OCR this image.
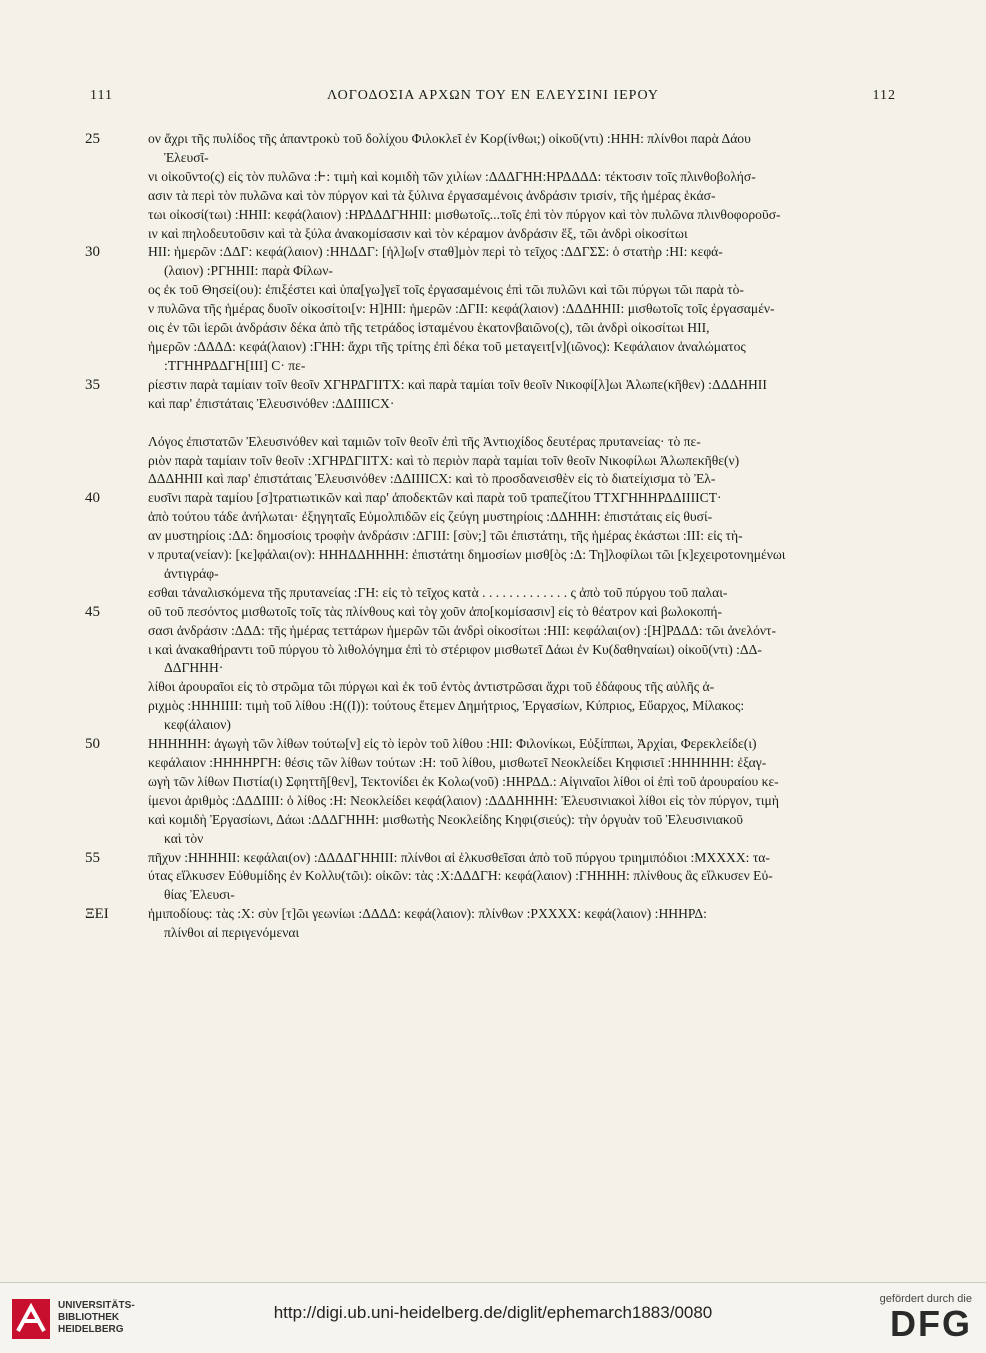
111	ΛΟΓΟΔΟΣΙΑ ΑΡΧΩΝ ΤΟΥ ΕΝ ΕΛΕΥΣΙΝΙ ΙΕΡΟΥ	112
25	ον ἄχρι τῆς πυλίδος τῆς ἀπαντροκὺ τοῦ δολίχου Φιλοκλεῖ ἐν Κορ(ίνθωι;) οἰκοῦ(ντι) :ΗΗΗ: πλίνθοι παρὰ Δάου
Ἐλευσῖ-
νι οἰκοῦντο(ς) εἰς τὸν πυλῶνα :Ͱ: τιμὴ καὶ κομιδὴ τῶν χιλίων :ΔΔΔΓΗΗ:ΗΡΔΔΔΔ: τέκτοσιν τοῖς πλινθοβολήσ-
ασιν τὰ περὶ τὸν πυλῶνα καὶ τὸν πύργον καὶ τὰ ξύλινα ἐργασαμένοις ἀνδράσιν τρισίν, τῆς ἡμέρας ἑκάσ-
τωι οἰκοσί(τωι) :ΗΗΙΙ: κεφά(λαιον) :ΗΡΔΔΔΓΗΗΙΙ: μισθωτοῖς...τοῖς ἐπὶ τὸν πύργον καὶ τὸν πυλῶνα πλινθοφοροῦσ-
ιν καὶ πηλοδευτοῦσιν καὶ τὰ ξύλα ἀνακομίσασιν καὶ τὸν κέραμον ἀνδράσιν ἕξ, τῶι ἀνδρὶ οἰκοσίτωι
30	ΗΙΙ: ἡμερῶν :ΔΔΓ: κεφά(λαιον) :ΗΗΔΔΓ: [ἡλ]ω[ν σταθ]μὸν περὶ τὸ τεῖχος :ΔΔΓΣΣ: ὁ στατὴρ :ΗΙ: κεφά-
(λαιον) :ΡΓΗΗΙΙ: παρὰ Φίλων-
ος ἐκ τοῦ Θησεί(ου): ἐπιξέστει καὶ ὑπα[γω]γεῖ τοῖς ἐργασαμένοις ἐπὶ τῶι πυλῶνι καὶ τῶι πύργωι τῶι παρὰ τὸ-
ν πυλῶνα τῆς ἡμέρας δυοῖν οἰκοσίτοι[ν: Η]ΗΙΙ: ἡμερῶν :ΔΓΙΙ: κεφά(λαιον) :ΔΔΔΗΗΙΙ: μισθωτοῖς τοῖς ἐργασαμέν-
οις ἐν τῶι ἱερῶι ἀνδράσιν δέκα ἀπὸ τῆς τετράδος ἱσταμένου ἑκατονβαιῶνο(ς), τῶι ἀνδρὶ οἰκοσίτωι ΗΙΙ,
ἡμερῶν :ΔΔΔΔ: κεφά(λαιον) :ΓΗΗ: ἄχρι τῆς τρίτης ἐπὶ δέκα τοῦ μεταγειτ[ν](ιῶνος): Κεφάλαιον ἀναλώματος
:ΤΓΗΗΡΔΔΓΗ[ΙΙΙ] C· πε-
35	ρίεστιν παρὰ ταμίαιν τοῖν θεοῖν ΧΓΗΡΔΓΙΙΤΧ: καὶ παρὰ ταμίαι τοῖν θεοῖν Νικοφί[λ]ωι Ἀλωπε(κῆθεν) :ΔΔΔΗΗΙΙ
καὶ παρ' ἐπιστάταις Ἐλευσινόθεν :ΔΔΙΙΙΙCΧ·
Λόγος ἐπιστατῶν Ἐλευσινόθεν καὶ ταμιῶν τοῖν θεοῖν ἐπὶ τῆς Ἀντιοχίδος δευτέρας πρυτανείας· τὸ πε-
ριὸν παρὰ ταμίαιν τοῖν θεοῖν :ΧΓΗΡΔΓΙΙΤΧ: καὶ τὸ περιὸν παρὰ ταμίαι τοῖν θεοῖν Νικοφίλωι Ἀλωπεκῆθε(ν)
ΔΔΔΗΗΙΙ καὶ παρ' ἐπιστάταις Ἐλευσινόθεν :ΔΔΙΙΙΙCΧ: καὶ τὸ προσδανεισθὲν εἰς τὸ διατείχισμα τὸ Ἐλ-
40	ευσῖνι παρὰ ταμίου [σ]τρατιωτικῶν καὶ παρ' ἀποδεκτῶν καὶ παρὰ τοῦ τραπεζίτου ΤΤΧΓΗΗΗΡΔΔΙΙΙΙCΤ·
ἀπὸ τούτου τάδε ἀνήλωται· ἐξηγηταῖς Εὐμολπιδῶν εἰς ζεύγη μυστηρίοις :ΔΔΗΗΗ: ἐπιστάταις εἰς θυσί-
αν μυστηρίοις :ΔΔ: δημοσίοις τροφὴν ἀνδράσιν :ΔΓΙΙΙ: [σὺν;] τῶι ἐπιστάτηι, τῆς ἡμέρας ἑκάστωι :ΙΙΙ: εἰς τὴ-
ν πρυτα(νείαν): [κε]φάλαι(ον): ΗΗΗΔΔΗΗΗΗ: ἐπιστάτηι δημοσίων μισθ[ὸς :Δ: Τη]λοφίλωι τῶι [κ]εχειροτονημένωι
ἀντιγράφ-
εσθαι τἀναλισκόμενα τῆς πρυτανείας :ΓΗ: εἰς τὸ τεῖχος κατὰ . . . . . . . . . . . . . ς ἀπὸ τοῦ πύργου τοῦ παλαι-
45	οῦ τοῦ πεσόντος μισθωτοῖς τοῖς τὰς πλίνθους καὶ τὸγ χοῦν ἀπο[κομίσασιν] εἰς τὸ θέατρον καὶ βωλοκοπή-
σασι ἀνδράσιν :ΔΔΔ: τῆς ἡμέρας τεττάρων ἡμερῶν τῶι ἀνδρὶ οἰκοσίτωι :ΗΙΙ: κεφάλαι(ον) :[Η]ΡΔΔΔ: τῶι ἀνελόντ-
ι καὶ ἀνακαθήραντι τοῦ πύργου τὸ λιθολόγημα ἐπὶ τὸ στέριφον μισθωτεῖ Δάωι ἐν Κυ(δαθηναίωι) οἰκοῦ(ντι) :ΔΔ-
ΔΔΓΗΗΗ·
λίθοι ἀρουραῖοι εἰς τὸ στρῶμα τῶι πύργωι καὶ ἐκ τοῦ ἐντὸς ἀντιστρῶσαι ἄχρι τοῦ ἐδάφους τῆς αὐλῆς ἀ-
ριχμὸς :ΗΗΗΙΙΙΙ: τιμὴ τοῦ λίθου :Η((Ι)): τούτους ἔτεμεν Δημήτριος, Ἐργασίων, Κύπριος, Εὔαρχος, Μίλακος:
κεφ(άλαιον)
50	ΗΗΗΗΗΗ: ἀγωγὴ τῶν λίθων τούτω[ν] εἰς τὸ ἱερὸν τοῦ λίθου :ΗΙΙ: Φιλονίκωι, Εὐξίππωι, Ἀρχίαι, Φερεκλείδε(ι)
κεφάλαιον :ΗΗΗΗΡΓΗ: θέσις τῶν λίθων τούτων :Η: τοῦ λίθου, μισθωτεῖ Νεοκλείδει Κηφισιεῖ :ΗΗΗΗΗΗ: ἐξαγ-
ωγὴ τῶν λίθων Πιστία(ι) Σφηττῆ[θεν], Τεκτονίδει ἐκ Κολω(νοῦ) :ΗΗΡΔΔ.: Αἰγιναῖοι λίθοι οἱ ἐπὶ τοῦ ἀρουραίου κε-
ίμενοι ἀριθμὸς :ΔΔΔΙΙΙΙ: ὁ λίθος :Η: Νεοκλείδει κεφά(λαιον) :ΔΔΔΗΗΗΗ: Ἐλευσινιακοὶ λίθοι εἰς τὸν πύργον, τιμὴ
καὶ κομιδὴ Ἐργασίωνι, Δάωι :ΔΔΔΓΗΗΗ: μισθωτὴς Νεοκλείδης Κηφι(σιεύς): τὴν ὀργυὰν τοῦ Ἐλευσινιακοῦ
καὶ τὸν
55	πῆχυν :ΗΗΗΗΙΙ: κεφάλαι(ον) :ΔΔΔΔΓΗΗΙΙΙ: πλίνθοι αἱ ἑλκυσθεῖσαι ἀπὸ τοῦ πύργου τριημιπόδιοι :ΜΧΧΧΧ: τα-
ύτας εἵλκυσεν Εὐθυμίδης ἐν Κολλυ(τῶι): οἰκῶν: τὰς :Χ:ΔΔΔΓΗ: κεφά(λαιον) :ΓΗΗΗΗ: πλίνθους ἃς εἵλκυσεν Εὐ-
θίας Ἐλευσι-
ΞΕΙ	ἡμιποδίους: τὰς :Χ: σὺν [τ]ῶι γεωνίωι :ΔΔΔΔ: κεφά(λαιον): πλίνθων :ΡΧΧΧΧ: κεφά(λαιον) :ΗΗΗΡΔ:
πλίνθοι αἱ περιγενόμεναι
UNIVERSITÄTS-
BIBLIOTHEK
HEIDELBERG
http://digi.ub.uni-heidelberg.de/diglit/ephemarch1883/0080
gefördert durch die
DFG
